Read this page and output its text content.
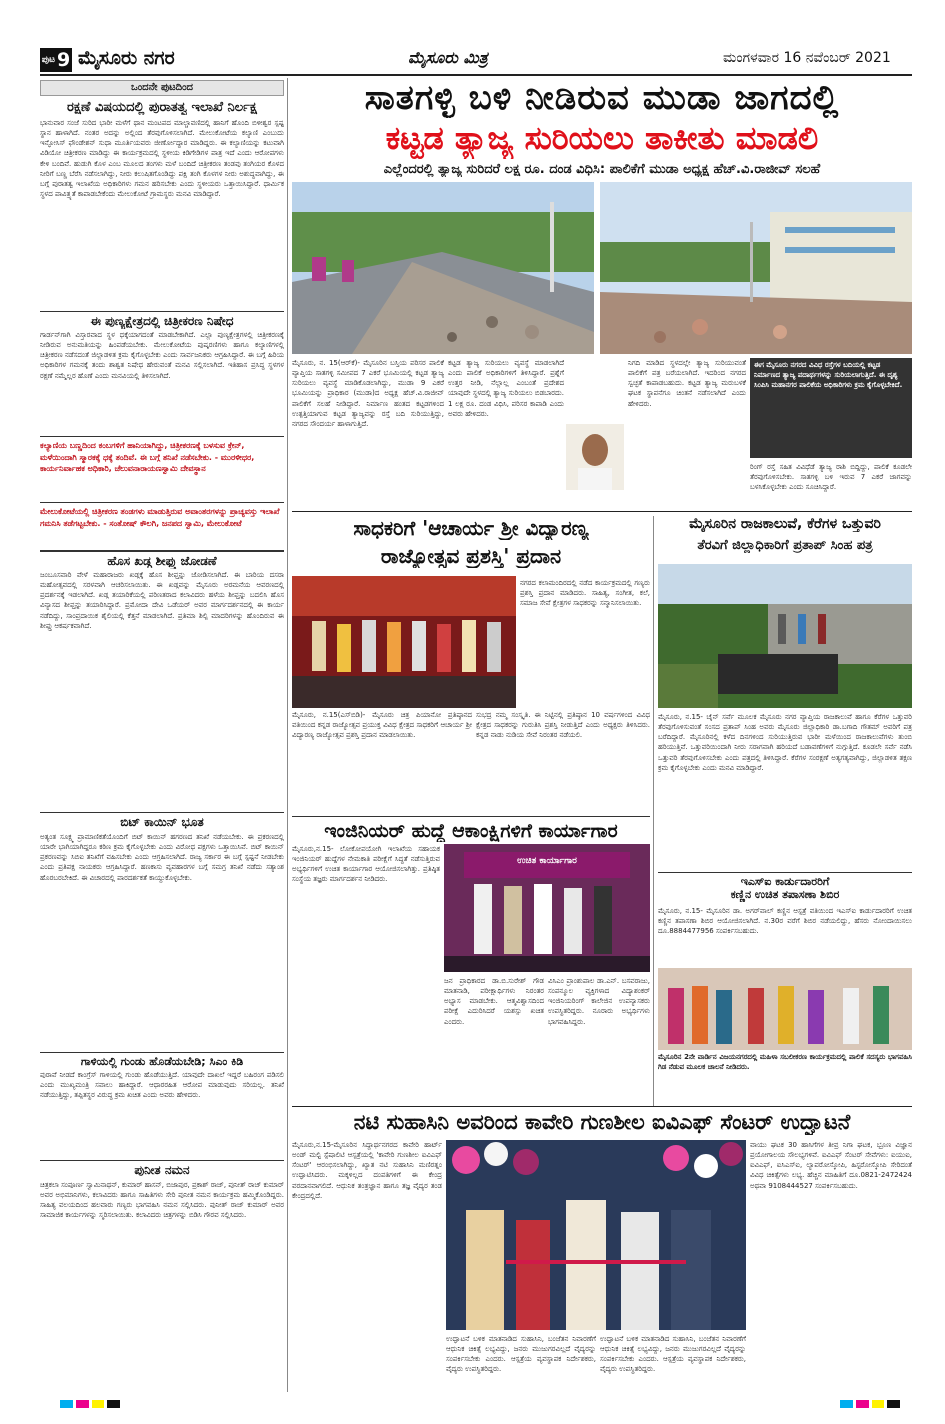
ಪುಟ 9 ಮೈಸೂರು ನಗರ	ಮೈಸೂರು ಮಿತ್ರ	ಮಂಗಳವಾರ 16 ನವೆಂಬರ್ 2021
ಒಂದನೇ ಪುಟದಿಂದ
ರಕ್ಷಣೆ ವಿಷಯದಲ್ಲಿ ಪುರಾತತ್ವ ಇಲಾಖೆ ನಿರ್ಲಕ್ಷ
ಭಾನುವಾರ ಸಂಜೆ ಸುರಿದ ಭಾರೀ ಮಳೆಗೆ ಥಾನ ಮಂಟಪದ ಮಾಲ್ಚಾವಣಿದಲ್ಲಿ ಹಾನಿಗೆ ಹೊಂದಿ ಬಿಳೀಶ್ವರ ಸ್ಪಷ್ಟ ಸ್ಥಾನ ಹಾಳಾಗಿದೆ. ನಂತರ ಅದನ್ನು ಅಲ್ಲಿಂದ ತೆರವುಗೊಳಿಸಲಾಗಿದೆ. ಮೇಲುಕೋಟೆಯ ಕಲ್ಯಾಣಿ ಎಂಬುದು ಇನ್ಫೋಸಿಸ್ ಫೌಂಡೇಶನ್ ಸುಧಾ ಮೂರ್ತಿಯವರು ಜೀರ್ಣೋದ್ಧಾರ ಮಾಡಿದ್ದರು. ಈ ಕಲ್ಯಾಣಿಯನ್ನು ಕಟುವಾಗಿ ವಿಡಿಯೋ ಚಿತ್ರೀಕರಣ ಮಾಡಿದ್ದು ಈ ಕಾರ್ಯಕ್ರಮದಲ್ಲಿ ಸ್ಥಳೀಯ ಕಿಡಿಗೇಡಿಗಳ ಪಾತ್ರ ಇದೆ ಎಂದು ಆರೋಪಗಳು ಕೇಳಿ ಬಂದಿವೆ. ಹುಡುಗಿ ಕೊಳ ಎಂಬ ಮೂಲದ ತಂಗಳು ಮಳೆ ಬಂದಿದೆ ಚಿತ್ರೀಕರಣ ತಂಡವು ತಂಗಿಯರ ಕೊಳದ ನೀರಿಗೆ ಬಣ್ಣ ಬೆರೆಸಿ ನಡೆಸಲಾಗಿದ್ದು, ನೀರು ಕಲುಷಿತಗೊಂಡಿದ್ದು ಪಕ್ಷಿ ತಂಗಿ ಕೊಳಗಳ ನೀರು ಅಶುದ್ಧವಾಗಿದ್ದು, ಈ ಬಗ್ಗೆ ಪುರಾತತ್ವ ಇಲಾಖೆಯ ಅಧಿಕಾರಿಗಳು ಗಮನ ಹರಿಸಬೇಕು ಎಂದು ಸ್ಥಳೀಯರು ಒತ್ತಾಯಿಸಿದ್ದಾರೆ. ಧಾರ್ಮಿಕ ಸ್ಥಳದ ಪಾವಿತ್ರ್ಯತೆ ಕಾಪಾಡಬೇಕೆಂದು ಮೇಲುಕೋಟೆ ಗ್ರಾಮಸ್ಥರು ಮನವಿ ಮಾಡಿದ್ದಾರೆ.
ಈ ಪುಣ್ಯಕ್ಷೇತ್ರದಲ್ಲಿ ಚಿತ್ರೀಕರಣ ನಿಷೇಧ
ಗಾರ್ಡನ್‌ಗಾಗಿ ವಿಸ್ತಾರವಾದ ಸ್ಥಳ ಧಕ್ಕೆಯಾಗದಂತೆ ಮಾಡಬೇಕಾಗಿದೆ. ಎಲ್ಲಾ ಪುಣ್ಯಕ್ಷೇತ್ರಗಳಲ್ಲಿ ಚಿತ್ರೀಕರಣಕ್ಕೆ ನೀಡಿರುವ ಅನುಮತಿಯನ್ನು ಹಿಂಪಡೆಯಬೇಕು. ಮೇಲುಕೋಟೆಯ ಪುಷ್ಕರಣಿಗಳು ಹಾಗೂ ಕಲ್ಯಾಣಿಗಳಲ್ಲಿ ಚಿತ್ರೀಕರಣ ನಡೆಸದಂತೆ ಜಿಲ್ಲಾಡಳಿತ ಕ್ರಮ ಕೈಗೊಳ್ಳಬೇಕು ಎಂದು ಸಾರ್ವಜನಿಕರು ಆಗ್ರಹಿಸಿದ್ದಾರೆ. ಈ ಬಗ್ಗೆ ಹಿರಿಯ ಅಧಿಕಾರಿಗಳ ಗಮನಕ್ಕೆ ತಂದು ಶಾಶ್ವತ ನಿಷೇಧ ಹೇರುವಂತೆ ಮನವಿ ಸಲ್ಲಿಸಲಾಗಿದೆ. ಇತಿಹಾಸ ಪ್ರಸಿದ್ಧ ಸ್ಥಳಗಳ ರಕ್ಷಣೆ ನಮ್ಮೆಲ್ಲರ ಹೊಣೆ ಎಂದು ಮನವಿಯಲ್ಲಿ ತಿಳಿಸಲಾಗಿದೆ.
ಕಲ್ಯಾಣಿಯ ಬಣ್ಣದಿಂದ ಕಂಬಗಳಿಗೆ ಹಾನಿಯಾಗಿದ್ದು, ಚಿತ್ರೀಕರಣಕ್ಕೆ ಬಳಸುವ ಕ್ರೇನ್, ಮಳೆಯಿಂದಾಗಿ ಸ್ಮಾರಕಕ್ಕೆ ಧಕ್ಕೆ ತಂದಿವೆ. ಈ ಬಗ್ಗೆ ತನಿಖೆ ನಡೆಸಬೇಕು. - ಮುರಳೀಧರ, ಕಾರ್ಯನಿರ್ವಾಹಕ ಅಧಿಕಾರಿ, ಚೆಲುವನಾರಾಯಣಸ್ವಾಮಿ ದೇವಸ್ಥಾನ
ಮೇಲುಕೋಟೆಯಲ್ಲಿ ಚಿತ್ರೀಕರಣ ತಂಡಗಳು ಮಾಡುತ್ತಿರುವ ಅವಾಂತರಗಳನ್ನು ಪ್ರಾಚ್ಯವಸ್ತು ಇಲಾಖೆ ಗಮನಿಸಿ ತಡೆಗಟ್ಟಬೇಕು. - ಸಂತೋಷ್ ಕೌಲಗಿ, ಜನಪದ ಸ್ವಾಮಿ, ಮೇಲುಕೋಟೆ
ಹೊಸ ಖಡ್ಗ ಶೀಫ್ತು ಜೋಡಣೆ
ಜಂಬೂಸವಾರಿ ವೇಳೆ ಮಹಾರಾಜರು ಖಡ್ಗಕ್ಕೆ ಹೊಸ ಶೀಫ್ತನ್ನು ಜೋಡಿಸಲಾಗಿದೆ. ಈ ಬಾರಿಯ ದಸರಾ ಮಹೋತ್ಸವದಲ್ಲಿ ಸರಳವಾಗಿ ಆಚರಿಸಲಾಯಿತು. ಈ ಖಡ್ಗವನ್ನು ಮೈಸೂರು ಅರಮನೆಯ ಆವರಣದಲ್ಲಿ ಪ್ರದರ್ಶನಕ್ಕೆ ಇಡಲಾಗಿದೆ. ಖಡ್ಗ ತಯಾರಿಕೆಯಲ್ಲಿ ಪರಿಣತರಾದ ಕಲಾವಿದರು ಹಳೆಯ ಶೀಫ್ತನ್ನು ಬದಲಿಸಿ ಹೊಸ ವಿನ್ಯಾಸದ ಶೀಫ್ತನ್ನು ತಯಾರಿಸಿದ್ದಾರೆ. ಪ್ರಮೋದಾ ದೇವಿ ಒಡೆಯರ್ ಅವರ ಮಾರ್ಗದರ್ಶನದಲ್ಲಿ ಈ ಕಾರ್ಯ ನಡೆದಿದ್ದು, ಸಾಂಪ್ರದಾಯಿಕ ಶೈಲಿಯಲ್ಲಿ ಕೆತ್ತನೆ ಮಾಡಲಾಗಿದೆ. ಪ್ರತಿಮಾ ಶಿಲ್ಪಿ ಮಾದರಿಗಳನ್ನು ಹೊಂದಿರುವ ಈ ಶೀಫ್ತು ಆಕರ್ಷಕವಾಗಿದೆ.
ಬಿಟ್ ಕಾಯಿನ್ ಭೂತ
ಅತ್ಯಂತ ಸೂಕ್ಷ್ಮ ಪ್ರಾಮಾಣಿಕತೆಯೊಂದಿಗೆ ಬಿಟ್ ಕಾಯಿನ್ ಹಗರಣದ ತನಿಖೆ ನಡೆಯಬೇಕು. ಈ ಪ್ರಕರಣದಲ್ಲಿ ಯಾರೇ ಭಾಗಿಯಾಗಿದ್ದರೂ ಕಠಿಣ ಕ್ರಮ ಕೈಗೊಳ್ಳಬೇಕು ಎಂದು ವಿರೋಧ ಪಕ್ಷಗಳು ಒತ್ತಾಯಿಸಿವೆ. ಬಿಟ್ ಕಾಯಿನ್ ಪ್ರಕರಣವನ್ನು ಸಿಬಿಐ ತನಿಖೆಗೆ ವಹಿಸಬೇಕು ಎಂದು ಆಗ್ರಹಿಸಲಾಗಿದೆ. ರಾಜ್ಯ ಸರ್ಕಾರ ಈ ಬಗ್ಗೆ ಸ್ಪಷ್ಟನೆ ನೀಡಬೇಕು ಎಂದು ಪ್ರತಿಪಕ್ಷ ನಾಯಕರು ಆಗ್ರಹಿಸಿದ್ದಾರೆ. ಹಣಕಾಸು ವ್ಯವಹಾರಗಳ ಬಗ್ಗೆ ಸಮಗ್ರ ತನಿಖೆ ನಡೆದು ಸತ್ಯಾಂಶ ಹೊರಬರಬೇಕಿದೆ. ಈ ವಿಚಾರದಲ್ಲಿ ಪಾರದರ್ಶಕತೆ ಕಾಯ್ದುಕೊಳ್ಳಬೇಕು.
ಗಾಳಿಯಲ್ಲಿ ಗುಂಡು ಹೊಡೆಯಬೇಡಿ; ಸಿಎಂ ಕಿಡಿ
ಪುರಾವೆ ನೀಡದೆ ಕಾಂಗ್ರೆಸ್ ಗಾಳಿಯಲ್ಲಿ ಗುಂಡು ಹೊಡೆಯುತ್ತಿದೆ. ಯಾವುದೇ ದಾಖಲೆ ಇದ್ದರೆ ಬಹಿರಂಗ ಪಡಿಸಲಿ ಎಂದು ಮುಖ್ಯಮಂತ್ರಿ ಸವಾಲು ಹಾಕಿದ್ದಾರೆ. ಆಧಾರರಹಿತ ಆರೋಪ ಮಾಡುವುದು ಸರಿಯಲ್ಲ. ತನಿಖೆ ನಡೆಯುತ್ತಿದ್ದು, ತಪ್ಪಿತಸ್ಥರ ವಿರುದ್ಧ ಕ್ರಮ ಖಚಿತ ಎಂದು ಅವರು ಹೇಳಿದರು.
ಪುನೀತ ನಮನ
ಚಿತ್ರಕಲಾ ಸಂಪೂರ್ಣ ಸ್ವಾಮಿನಾಥನ್, ಕುಮಾರ್ ಹಾಸನ್, ಬಿಜಾಪುರ, ಪ್ರಕಾಶ್ ರಾಜ್, ಪುನೀತ್ ರಾಜ್ ಕುಮಾರ್ ಅವರ ಅಭಿಮಾನಿಗಳು, ಕಲಾವಿದರು ಹಾಗೂ ಸಾಹಿತಿಗಳು ಸೇರಿ ಪುನೀತ ನಮನ ಕಾರ್ಯಕ್ರಮ ಹಮ್ಮಿಕೊಂಡಿದ್ದರು. ಸಾಹಿತ್ಯ ವಲಯದಿಂದ ಹಲವಾರು ಗಣ್ಯರು ಭಾಗವಹಿಸಿ ನಮನ ಸಲ್ಲಿಸಿದರು. ಪುನೀತ್ ರಾಜ್ ಕುಮಾರ್ ಅವರ ಸಾಮಾಜಿಕ ಕಾರ್ಯಗಳನ್ನು ಸ್ಮರಿಸಲಾಯಿತು. ಕಲಾವಿದರು ಚಿತ್ರಗಳನ್ನು ಬಿಡಿಸಿ ಗೌರವ ಸಲ್ಲಿಸಿದರು.
ಸಾತಗಳ್ಳಿ ಬಳಿ ನೀಡಿರುವ ಮುಡಾ ಜಾಗದಲ್ಲಿ
ಕಟ್ಟಡ ತ್ಯಾಜ್ಯ ಸುರಿಯಲು ತಾಕೀತು ಮಾಡಲಿ
ಎಲ್ಲೆಂದರಲ್ಲಿ ತ್ಯಾಜ್ಯ ಸುರಿದರೆ ಲಕ್ಷ ರೂ. ದಂಡ ವಿಧಿಸಿ: ಪಾಲಿಕೆಗೆ ಮುಡಾ ಅಧ್ಯಕ್ಷ ಹೆಚ್.ವಿ.ರಾಜೀವ್ ಸಲಹೆ
ಮೈಸೂರು, ನ. 15(ಆರ್‌ಕೆ)- ಮೈಸೂರಿನ ಬಸ್ತಿಯ ಪರಿಸರ ಪಾಲಿಕೆ ವ್ಯಾಪ್ತಿಯ ಸಾತಗಳ್ಳಿ ಸಮೀಪದ 7 ಎಕರೆ ಭೂಮಿಯಲ್ಲಿ ಕಟ್ಟಡ ತ್ಯಾಜ್ಯ ಸುರಿಯಲು ವ್ಯವಸ್ಥೆ ಮಾಡಿಕೊಡಲಾಗಿದ್ದು, ಮುಡಾ 9 ಎಕರೆ ಭೂಮಿಯನ್ನು ಪ್ರಾಧಿಕಾರ (ಮುಡಾ)ದ ಅಧ್ಯಕ್ಷ ಹೆಚ್.ವಿ.ರಾಜೀವ್ ಪಾಲಿಕೆಗೆ ಸಲಹೆ ನೀಡಿದ್ದಾರೆ. ನಿರ್ಮಾಣ ಹಂತದ ಕಟ್ಟಡಗಳಿಂದ ಉತ್ಪತ್ತಿಯಾಗುವ ಕಟ್ಟಡ ತ್ಯಾಜ್ಯವನ್ನು ರಸ್ತೆ ಬದಿ ಸುರಿಯುತ್ತಿದ್ದು, ನಗರದ ಸೌಂದರ್ಯ ಹಾಳಾಗುತ್ತಿದೆ.
ಕಟ್ಟಡ ತ್ಯಾಜ್ಯ ಸುರಿಯಲು ವ್ಯವಸ್ಥೆ ಮಾಡಲಾಗಿದೆ ಎಂದು ಪಾಲಿಕೆ ಅಧಿಕಾರಿಗಳಿಗೆ ತಿಳಿಸಿದ್ದಾರೆ. ಪ್ರಶ್ನೆಗೆ ಉತ್ತರ ನೀಡಿ, ನೆಲ್ಲಾಲ್ಲ ಎಂಬಂತೆ ಪ್ರದೇಶದ ಯಾವುದೇ ಸ್ಥಳದಲ್ಲಿ ತ್ಯಾಜ್ಯ ಸುರಿಯಲು ಬಿಡಬಾರದು. 1 ಲಕ್ಷ ರೂ. ದಂಡ ವಿಧಿಸಿ, ಪರಿಸರ ಕಾಪಾಡಿ ಎಂದು ಅವರು ಹೇಳಿದರು.
ನಿಗದಿ ಮಾಡಿದ ಸ್ಥಳದಲ್ಲೇ ತ್ಯಾಜ್ಯ ಸುರಿಯುವಂತೆ ಪಾಲಿಕೆಗೆ ಪತ್ರ ಬರೆಯಲಾಗಿದೆ. ಇದರಿಂದ ನಗರದ ಸ್ವಚ್ಛತೆ ಕಾಪಾಡಬಹುದು. ಕಟ್ಟಡ ತ್ಯಾಜ್ಯ ಮರುಬಳಕೆ ಘಟಕ ಸ್ಥಾಪನೆಗೂ ಚಿಂತನೆ ನಡೆಸಲಾಗಿದೆ ಎಂದು ಹೇಳಿದರು.
ಈಗ ಮೈಸೂರು ನಗರದ ವಿವಿಧ ರಸ್ತೆಗಳ ಬದಿಯಲ್ಲಿ ಕಟ್ಟಡ ನಿರ್ಮಾಣದ ತ್ಯಾಜ್ಯ ಪದಾರ್ಥಗಳನ್ನು ಸುರಿಯಲಾಗುತ್ತಿದೆ. ಈ ದೃಶ್ಯ ಸಿಂಪಿಸಿ ಮಹಾನಗರ ಪಾಲಿಕೆಯ ಅಧಿಕಾರಿಗಳು ಕ್ರಮ ಕೈಗೊಳ್ಳಬೇಕಿದೆ.
ರಿಂಗ್ ರಸ್ತೆ ಸಹಿತ ವಿವಿಧೆಡೆ ತ್ಯಾಜ್ಯ ರಾಶಿ ಬಿದ್ದಿದ್ದು, ಪಾಲಿಕೆ ಕೂಡಲೇ ತೆರವುಗೊಳಿಸಬೇಕು. ಸಾತಗಳ್ಳಿ ಬಳಿ ಇರುವ 7 ಎಕರೆ ಜಾಗವನ್ನು ಬಳಸಿಕೊಳ್ಳಬೇಕು ಎಂದು ಸೂಚಿಸಿದ್ದಾರೆ.
ಸಾಧಕರಿಗೆ 'ಆಚಾರ್ಯ ಶ್ರೀ ವಿದ್ಯಾರಣ್ಯ
ರಾಜ್ಯೋತ್ಸವ ಪ್ರಶಸ್ತಿ' ಪ್ರದಾನ
ನಗರದ ಕಲಾಮಂದಿರದಲ್ಲಿ ನಡೆದ ಕಾರ್ಯಕ್ರಮದಲ್ಲಿ ಗಣ್ಯರು ಪ್ರಶಸ್ತಿ ಪ್ರದಾನ ಮಾಡಿದರು. ಸಾಹಿತ್ಯ, ಸಂಗೀತ, ಕಲೆ, ಸಮಾಜ ಸೇವೆ ಕ್ಷೇತ್ರಗಳ ಸಾಧಕರನ್ನು ಸನ್ಮಾನಿಸಲಾಯಿತು.
ಮೈಸೂರು, ನ.15(ಎಸ್‌ಬಿಡಿ)- ಮೈಸೂರು ಚಿತ್ರ ಪಿಯಾನೋ ಪ್ರತಿಷ್ಠಾನದ ವತಿಯಿಂದ ಕನ್ನಡ ರಾಜ್ಯೋತ್ಸವ ಪ್ರಯುಕ್ತ ವಿವಿಧ ಕ್ಷೇತ್ರದ ಸಾಧಕರಿಗೆ ಆಚಾರ್ಯ ಶ್ರೀ ವಿದ್ಯಾರಣ್ಯ ರಾಜ್ಯೋತ್ಸವ ಪ್ರಶಸ್ತಿ ಪ್ರದಾನ ಮಾಡಲಾಯಿತು.
ಸುಭದ್ರ ನಮ್ಮ ಸಂಸ್ಕೃತಿ. ಈ ನಿಟ್ಟಿನಲ್ಲಿ ಪ್ರತಿಷ್ಠಾನ 10 ವರ್ಷಗಳಿಂದ ವಿವಿಧ ಕ್ಷೇತ್ರದ ಸಾಧಕರನ್ನು ಗುರುತಿಸಿ ಪ್ರಶಸ್ತಿ ನೀಡುತ್ತಿದೆ ಎಂದು ಅಧ್ಯಕ್ಷರು ತಿಳಿಸಿದರು. ಕನ್ನಡ ನಾಡು ನುಡಿಯ ಸೇವೆ ನಿರಂತರ ನಡೆಯಲಿ.
ಇಂಜಿನಿಯರ್ ಹುದ್ದೆ ಆಕಾಂಕ್ಷಿಗಳಿಗೆ ಕಾರ್ಯಾಗಾರ
ಮೈಸೂರು,ನ.15- ಲೋಕೋಪಯೋಗಿ ಇಲಾಖೆಯ ಸಹಾಯಕ ಇಂಜಿನಿಯರ್ ಹುದ್ದೆಗಳ ನೇಮಕಾತಿ ಪರೀಕ್ಷೆಗೆ ಸಿದ್ಧತೆ ನಡೆಸುತ್ತಿರುವ ಅಭ್ಯರ್ಥಿಗಳಿಗೆ ಉಚಿತ ಕಾರ್ಯಾಗಾರ ಆಯೋಜಿಸಲಾಗಿತ್ತು. ಪ್ರತಿಷ್ಠಿತ ಸಂಸ್ಥೆಯ ತಜ್ಞರು ಮಾರ್ಗದರ್ಶನ ನೀಡಿದರು.
ಉಚಿತ ಕಾರ್ಯಾಗಾರ
ಜನ ಪ್ರಾಧಿಕಾರದ ಡಾ.ಬಿ.ಸುರೇಶ್ ಗೌಡ ಮಾತನಾಡಿ, ಪರೀಕ್ಷಾರ್ಥಿಗಳು ನಿರಂತರ ಅಭ್ಯಾಸ ಮಾಡಬೇಕು. ಆತ್ಮವಿಶ್ವಾಸದಿಂದ ಪರೀಕ್ಷೆ ಎದುರಿಸಿದರೆ ಯಶಸ್ಸು ಖಚಿತ ಎಂದರು.
ವಿಸಿಎಂ ಪ್ರಾಂಶುಪಾಲ ಡಾ.ಎನ್. ಬಸವರಾಜು, ಸಂಪನ್ಮೂಲ ವ್ಯಕ್ತಿಗಳಾದ ವಿದ್ಯಾಶಂಕರ್ ಇಂಜಿನಿಯರಿಂಗ್ ಕಾಲೇಜಿನ ಉಪನ್ಯಾಸಕರು ಉಪಸ್ಥಿತರಿದ್ದರು. ನೂರಾರು ಅಭ್ಯರ್ಥಿಗಳು ಭಾಗವಹಿಸಿದ್ದರು.
ಮೈಸೂರಿನ ರಾಜಕಾಲುವೆ, ಕೆರೆಗಳ ಒತ್ತುವರಿ
ತೆರವಿಗೆ ಜಿಲ್ಲಾಧಿಕಾರಿಗೆ ಪ್ರತಾಪ್ ಸಿಂಹ ಪತ್ರ
ಮೈಸೂರು, ನ.15- ಚೈನ್ ಸರ್ವೆ ಮೂಲಕ ಮೈಸೂರು ನಗರ ವ್ಯಾಪ್ತಿಯ ರಾಜಕಾಲುವೆ ಹಾಗೂ ಕೆರೆಗಳ ಒತ್ತುವರಿ ತೆರವುಗೊಳಿಸುವಂತೆ ಸಂಸದ ಪ್ರತಾಪ್ ಸಿಂಹ ಅವರು ಮೈಸೂರು ಜಿಲ್ಲಾಧಿಕಾರಿ ಡಾ.ಬಗಾದಿ ಗೌತಮ್ ಅವರಿಗೆ ಪತ್ರ ಬರೆದಿದ್ದಾರೆ. ಮೈಸೂರಿನಲ್ಲಿ ಕಳೆದ ದಿನಗಳಿಂದ ಸುರಿಯುತ್ತಿರುವ ಭಾರೀ ಮಳೆಯಿಂದ ರಾಜಕಾಲುವೆಗಳು ತುಂಬಿ ಹರಿಯುತ್ತಿವೆ. ಒತ್ತುವರಿಯಿಂದಾಗಿ ನೀರು ಸರಾಗವಾಗಿ ಹರಿಯದೆ ಬಡಾವಣೆಗಳಿಗೆ ನುಗ್ಗುತ್ತಿದೆ. ಕೂಡಲೇ ಸರ್ವೆ ನಡೆಸಿ ಒತ್ತುವರಿ ತೆರವುಗೊಳಿಸಬೇಕು ಎಂದು ಪತ್ರದಲ್ಲಿ ತಿಳಿಸಿದ್ದಾರೆ. ಕೆರೆಗಳ ಸಂರಕ್ಷಣೆ ಅತ್ಯಗತ್ಯವಾಗಿದ್ದು, ಜಿಲ್ಲಾಡಳಿತ ತಕ್ಷಣ ಕ್ರಮ ಕೈಗೊಳ್ಳಬೇಕು ಎಂದು ಮನವಿ ಮಾಡಿದ್ದಾರೆ.
ಇಎಸ್‌ಐ ಕಾರ್ಡುದಾರರಿಗೆ
ಕಣ್ಣಿನ ಉಚಿತ ತಪಾಸಣಾ ಶಿಬಿರ
ಮೈಸೂರು, ನ.15- ಮೈಸೂರಿನ ಡಾ. ಅಗರ್‌ವಾಲ್ ಕಣ್ಣಿನ ಆಸ್ಪತ್ರೆ ವತಿಯಿಂದ ಇಎಸ್‌ಐ ಕಾರ್ಡುದಾರರಿಗೆ ಉಚಿತ ಕಣ್ಣಿನ ತಪಾಸಣಾ ಶಿಬಿರ ಆಯೋಜಿಸಲಾಗಿದೆ. ನ.30ರ ವರೆಗೆ ಶಿಬಿರ ನಡೆಯಲಿದ್ದು, ಹೆಸರು ನೋಂದಾಯಿಸಲು ದೂ.8884477956 ಸಂಪರ್ಕಿಸಬಹುದು.
ಮೈಸೂರಿನ 2ನೇ ವಾರ್ಡಿನ ವಿಜಯನಗರದಲ್ಲಿ ಮಹಿಳಾ ಸಬಲೀಕರಣ ಕಾರ್ಯಕ್ರಮದಲ್ಲಿ ಪಾಲಿಕೆ ಸದಸ್ಯರು ಭಾಗವಹಿಸಿ ಗಿಡ ನೆಡುವ ಮೂಲಕ ಚಾಲನೆ ನೀಡಿದರು.
ನಟಿ ಸುಹಾಸಿನಿ ಅವರಿಂದ ಕಾವೇರಿ ಗುಣಶೀಲ ಐವಿಎಫ್ ಸೆಂಟರ್ ಉದ್ಘಾಟನೆ
ಮೈಸೂರು,ನ.15-ಮೈಸೂರಿನ ಸಿದ್ದಾರ್ಥನಗರದ ಕಾವೇರಿ ಹಾರ್ಟ್ ಅಂಡ್ ಮಲ್ಟಿ ಸ್ಪೆಷಾಲಿಟಿ ಆಸ್ಪತ್ರೆಯಲ್ಲಿ 'ಕಾವೇರಿ ಗುಣಶೀಲ ಐವಿಎಫ್ ಸೆಂಟರ್' ಆರಂಭಿಸಲಾಗಿದ್ದು, ಖ್ಯಾತ ನಟಿ ಸುಹಾಸಿನಿ ಮಣಿರತ್ನಂ ಉದ್ಘಾಟಿಸಿದರು. ಮಕ್ಕಳಿಲ್ಲದ ದಂಪತಿಗಳಿಗೆ ಈ ಕೇಂದ್ರ ವರದಾನವಾಗಲಿದೆ. ಆಧುನಿಕ ತಂತ್ರಜ್ಞಾನ ಹಾಗೂ ತಜ್ಞ ವೈದ್ಯರ ತಂಡ ಕೇಂದ್ರದಲ್ಲಿದೆ.
ಉದ್ಘಾಟನೆ ಬಳಿಕ ಮಾತನಾಡಿದ ಸುಹಾಸಿನಿ, ಬಂಜೆತನ ನಿವಾರಣೆಗೆ ಆಧುನಿಕ ಚಿಕಿತ್ಸೆ ಲಭ್ಯವಿದ್ದು, ಜನರು ಮುಜುಗರವಿಲ್ಲದೆ ವೈದ್ಯರನ್ನು ಸಂಪರ್ಕಿಸಬೇಕು ಎಂದರು. ಆಸ್ಪತ್ರೆಯ ವ್ಯವಸ್ಥಾಪಕ ನಿರ್ದೇಶಕರು, ವೈದ್ಯರು ಉಪಸ್ಥಿತರಿದ್ದರು.
ಉದ್ಘಾಟನೆ ಬಳಿಕ ಮಾತನಾಡಿದ ಸುಹಾಸಿನಿ, ಬಂಜೆತನ ನಿವಾರಣೆಗೆ ಆಧುನಿಕ ಚಿಕಿತ್ಸೆ ಲಭ್ಯವಿದ್ದು, ಜನರು ಮುಜುಗರವಿಲ್ಲದೆ ವೈದ್ಯರನ್ನು ಸಂಪರ್ಕಿಸಬೇಕು ಎಂದರು. ಆಸ್ಪತ್ರೆಯ ವ್ಯವಸ್ಥಾಪಕ ನಿರ್ದೇಶಕರು, ವೈದ್ಯರು ಉಪಸ್ಥಿತರಿದ್ದರು.
ವಾಯು ಘಟಕ 30 ಹಾಸಿಗೆಗಳ ತೀವ್ರ ನಿಗಾ ಘಟಕ, ಭ್ರೂಣ ವಿಜ್ಞಾನ ಪ್ರಯೋಗಾಲಯ ಸೌಲಭ್ಯಗಳಿವೆ. ಐವಿಎಫ್ ಸೆಂಟರ್ ಸೇವೆಗಳು: ಐಯುಐ, ಐವಿಎಫ್, ಐಸಿಎಸ್‌ಐ, ಲ್ಯಾಪರೋಸ್ಕೋಪಿ, ಹಿಸ್ಟರೋಸ್ಕೋಪಿ ಸೇರಿದಂತೆ ವಿವಿಧ ಚಿಕಿತ್ಸೆಗಳು ಲಭ್ಯ. ಹೆಚ್ಚಿನ ಮಾಹಿತಿಗೆ ದೂ.0821-2472424 ಅಥವಾ 9108444527 ಸಂಪರ್ಕಿಸಬಹುದು.
